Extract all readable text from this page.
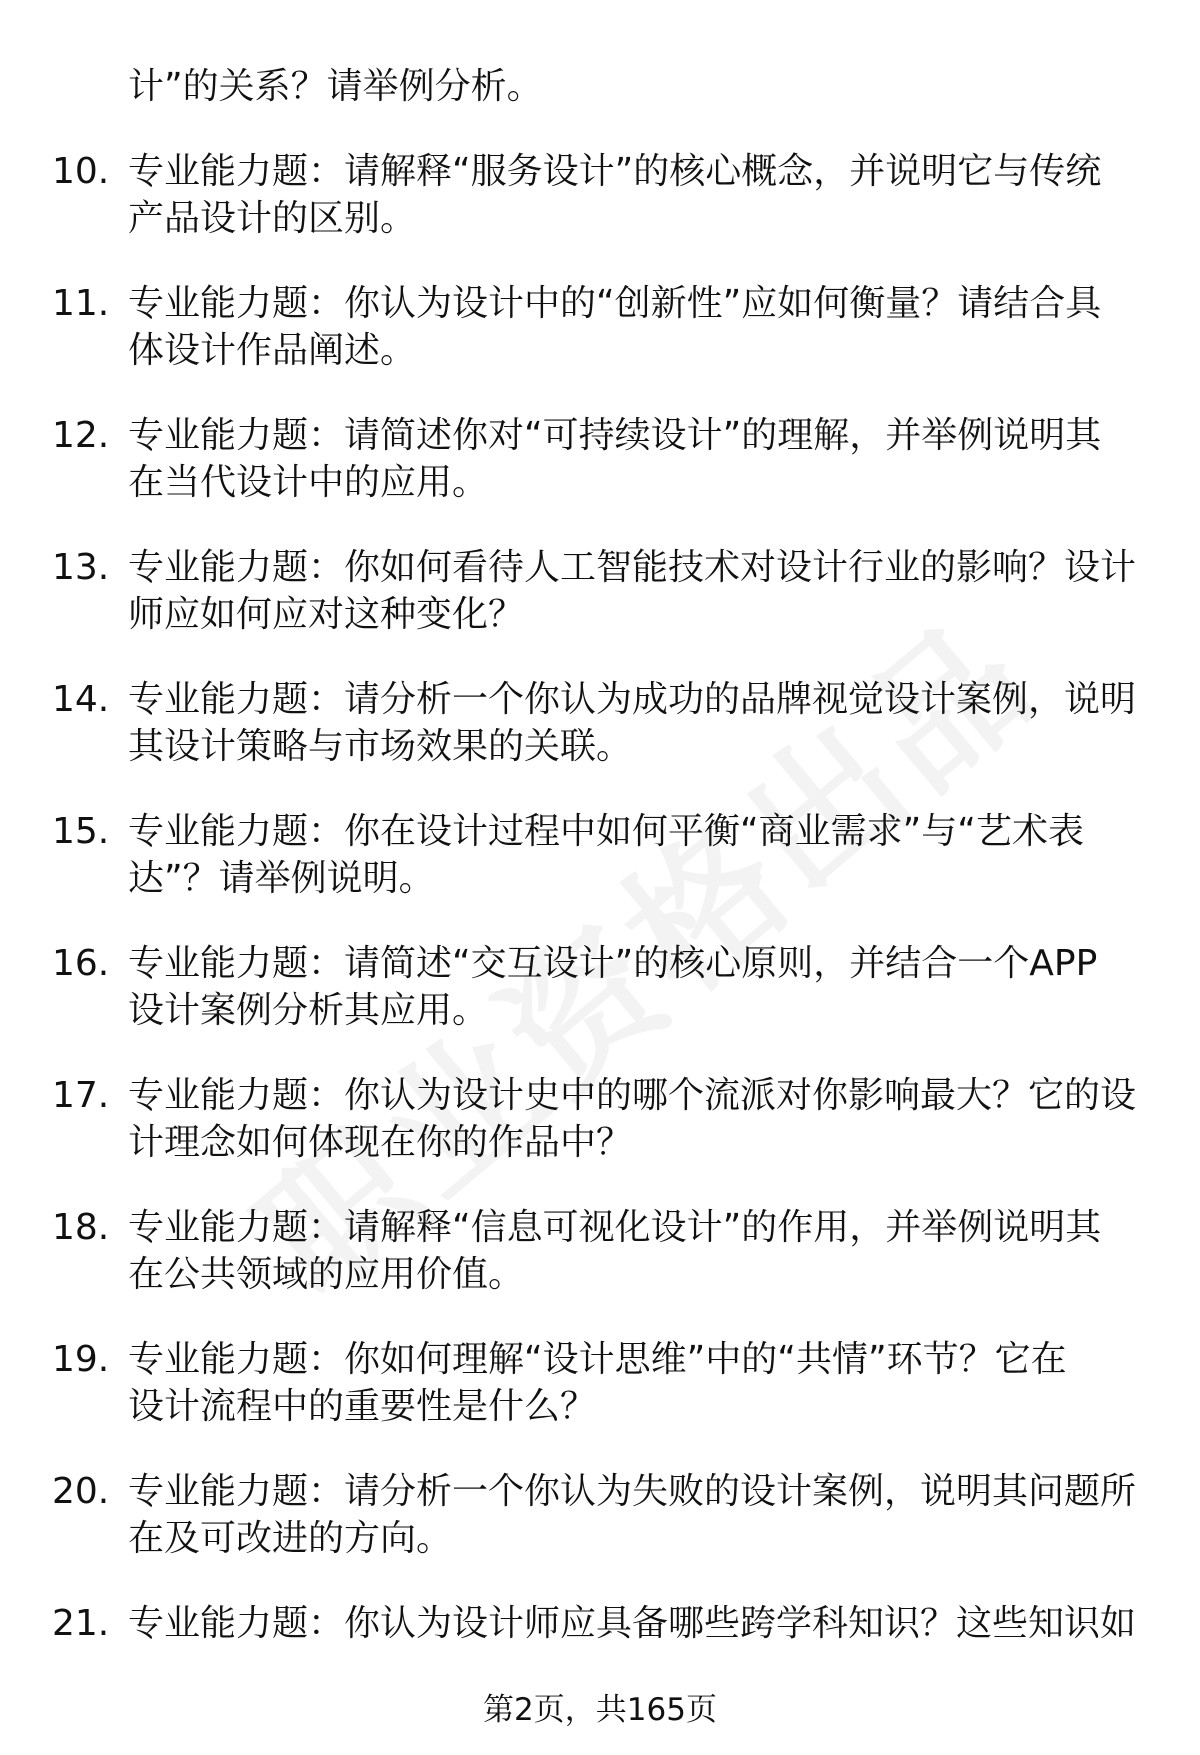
计”的关系？请举例分析。
10. 专业能力题：请解释“服务设计”的核心概念，并说明它与传统
产品设计的区别。
11. 专业能力题：你认为设计中的“创新性”应如何衡量？请结合具
体设计作品阐述。
12. 专业能力题：请简述你对“可持续设计”的理解，并举例说明其
在当代设计中的应用。
13. 专业能力题：你如何看待人工智能技术对设计行业的影响？设计
师应如何应对这种变化？
14. 专业能力题：请分析一个你认为成功的品牌视觉设计案例，说明
其设计策略与市场效果的关联。
15. 专业能力题：你在设计过程中如何平衡“商业需求”与“艺术表
达”？请举例说明。
16. 专业能力题：请简述“交互设计”的核心原则，并结合一个APP
设计案例分析其应用。
17. 专业能力题：你认为设计史中的哪个流派对你影响最大？它的设
计理念如何体现在你的作品中？
18. 专业能力题：请解释“信息可视化设计”的作用，并举例说明其
在公共领域的应用价值。
19. 专业能力题：你如何理解“设计思维”中的“共情”环节？它在
设计流程中的重要性是什么？
20. 专业能力题：请分析一个你认为失败的设计案例，说明其问题所
在及可改进的方向。
21. 专业能力题：你认为设计师应具备哪些跨学科知识？这些知识如
第2页，共165页
